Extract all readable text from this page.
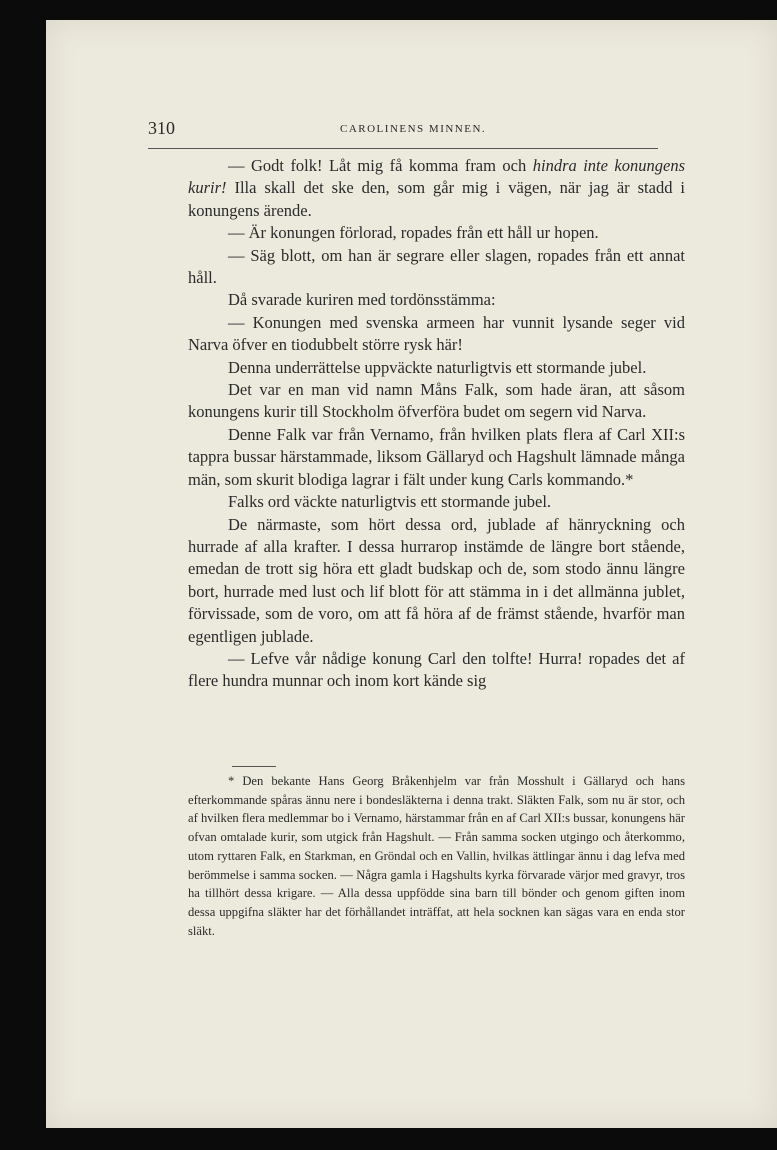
310	CAROLINENS MINNEN.

— Godt folk! Låt mig få komma fram och hindra inte konungens kurir! Illa skall det ske den, som går mig i vägen, när jag är stadd i konungens ärende.

— Är konungen förlorad, ropades från ett håll ur hopen.

— Säg blott, om han är segrare eller slagen, ropades från ett annat håll.

Då svarade kuriren med tordönsstämma:

— Konungen med svenska armeen har vunnit lysande seger vid Narva öfver en tiodubbelt större rysk här!

Denna underrättelse uppväckte naturligtvis ett stormande jubel.

Det var en man vid namn Måns Falk, som hade äran, att såsom konungens kurir till Stockholm öfverföra budet om segern vid Narva.

Denne Falk var från Vernamo, från hvilken plats flera af Carl XII:s tappra bussar härstammade, liksom Gällaryd och Hagshult lämnade många män, som skurit blodiga lagrar i fält under kung Carls kommando.*

Falks ord väckte naturligtvis ett stormande jubel.

De närmaste, som hört dessa ord, jublade af hänryckning och hurrade af alla krafter. I dessa hurrarop instämde de längre bort stående, emedan de trott sig höra ett gladt budskap och de, som stodo ännu längre bort, hurrade med lust och lif blott för att stämma in i det allmänna jublet, förvissade, som de voro, om att få höra af de främst stående, hvarför man egentligen jublade.

— Lefve vår nådige konung Carl den tolfte! Hurra! ropades det af flere hundra munnar och inom kort kände sig

* Den bekante Hans Georg Bråkenhjelm var från Mosshult i Gällaryd och hans efterkommande spåras ännu nere i bondesläkterna i denna trakt. Släkten Falk, som nu är stor, och af hvilken flera medlemmar bo i Vernamo, härstammar från en af Carl XII:s bussar, konungens här ofvan omtalade kurir, som utgick från Hagshult. — Från samma socken utgingo och återkommo, utom ryttaren Falk, en Starkman, en Gröndal och en Vallin, hvilkas ättlingar ännu i dag lefva med berömmelse i samma socken. — Några gamla i Hagshults kyrka förvarade värjor med gravyr, tros ha tillhört dessa krigare. — Alla dessa uppfödde sina barn till bönder och genom giften inom dessa uppgifna släkter har det förhållandet inträffat, att hela socknen kan sägas vara en enda stor släkt.
